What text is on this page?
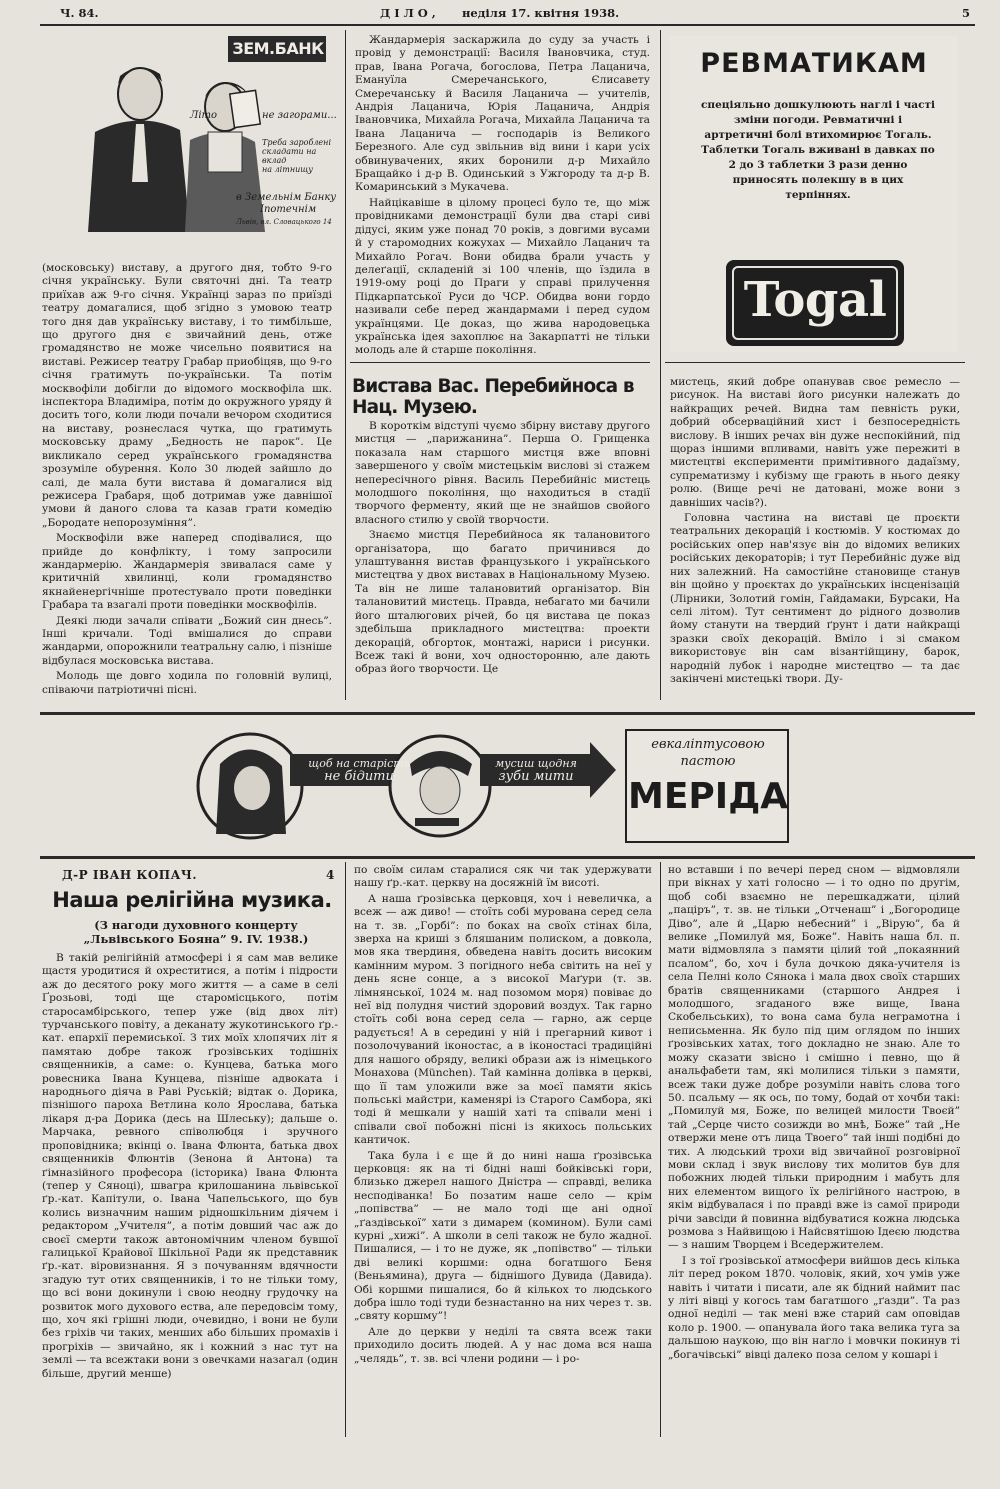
Ч. 84.	ДІЛО, неділя 17. квітня 1938.	5
ЗЕМ.БАНК
Літо	не загорами...
Треба зароблені
складати на вклад
на літнищу
в Земельнім Банку
Іпотечнім
Львів, вл. Словацького 14

(московську) виставу, а другого дня, тобто 9-го січня українську. Були святочні дні. Та театр приїхав аж 9-го січня. Українці зараз по приїзді театру домагалися, щоб згідно з умовою театр того дня дав українську виставу, і то тимбільше, що другого дня є звичайний день, отже громадянство не може чисельно появитися на виставі. Режисер театру Грабар приобіцяв, що 9-го січня гратимуть по-українськи. Та потім москвофіли добігли до відомого москвофіла шк. інспектора Владиміра, потім до окружного уряду й досить того, коли люди почали вечором сходитися на виставу, рознеслася чутка, що гратимуть московську драму „Бедность не парок”. Це викликало серед українського громадянства зрозуміле обурення. Коло 30 людей зайшло до салі, де мала бути вистава й домагалися від режисера Грабаря, щоб дотримав уже давнішої умови й даного слова та казав грати комедію „Бородате непорозуміння”.

Москвофіли вже наперед сподівалися, що прийде до конфлікту, і тому запросили жандармерію. Жандармерія звивалася саме у критичній хвилинці, коли громадянство якнайенергічніше протестувало проти поведінки Грабара та взагалі проти поведінки москвофілів.

Деякі люди зачали співати „Божий син днесь”. Інші кричали. Тоді вмішалися до справи жандарми, опорожнили театральну салю, і пізніше відбулася московська вистава.

Молодь ще довго ходила по головній вулиці, співаючи патріотичні пісні.

Жандармерія заскаржила до суду за участь і провід у демонстрації: Василя Івановчика, студ. прав, Івана Рогача, богослова, Петра Лацанича, Емануїла Смеречанського, Єлисавету Смеречанську й Василя Лацанича — учителів, Андрія Лацанича, Юрія Лацанича, Андрія Івановчика, Михайла Рогача, Михайла Лацанича та Івана Лацанича — господарів із Великого Березного. Але суд звільнив від вини і кари усіх обвинувачених, яких боронили д-р Михайло Бращайко і д-р В. Одинський з Ужгороду та д-р В. Комаринський з Мукачева.

Найцікавіше в цілому процесі було те, що між провідниками демонстрації були два старі сиві дідусі, яким уже понад 70 років, з довгими вусами й у старомодних кожухах — Михайло Лацанич та Михайло Рогач. Вони обидва брали участь у делеґації, складеній зі 100 членів, що їздила в 1919-ому році до Праги у справі прилучення Підкарпатської Руси до ЧСР. Обидва вони гордо називали себе перед жандармами і перед судом українцями. Це доказ, що жива народовецька українська ідея захоплює на Закарпатті не тільки молодь але й старше покоління.

РЕВМАТИКАМ
спеціяльно дошкулюють наглі і часті зміни погоди. Ревматичні і артретичні болі втихомирює Тогаль. Таблетки Тогаль вживані в давках по 2 до 3 таблетки 3 рази денно приносять полекшу в в цих терпіннях.
Togal
Вистава Вас. Перебийноса в Нац. Музею.

В короткім відступі чуємо збірну виставу другого мистця — „парижанина”. Перша О. Грищенка показала нам старшого мистця вже вповні завершеного у своїм мистецькім вислові зі стажем непересічного рівня. Василь Перебийніс мистець молодшого покоління, що находиться в стадії творчого ферменту, який ще не знайшов свойого власного стилю у своїй творчости.

Знаємо мистця Перебийноса як талановитого організатора, що багато причинився до улаштування вистав французького і українського мистецтва у двох виставах в Національному Музею. Та він не лише талановитий організатор. Він талановитий мистець. Правда, небагато ми бачили його шталюгових річей, бо ця вистава це показ здебільша прикладного мистецтва: проекти декорацій, обгорток, монтажі, нариси і рисунки. Всеж такі й вони, хоч односторонню, але дають образ його творчости. Це

мистець, який добре опанував своє ремесло — рисунок. На виставі його рисунки належать до найкращих речей. Видна там певність руки, добрий обсерваційний хист і безпосередність вислову. В інших речах він дуже неспокійний, під щораз іншими впливами, навіть уже пережиті в мистецтві експерименти примітивного дадаїзму, супрематизму і кубізму ще грають в нього деяку ролю. (Вище речі не датовані, може вони з давніших часів?).

Головна частина на виставі це проєкти театральних декорацій і костюмів. У костюмах до російських опер нав'язує він до відомих великих російських декораторів; і тут Перебийніс дуже від них залежний. На самостійне становище станув він щойно у проєктах до українських інсценізацій (Лірники, Золотий гомін, Гайдамаки, Бурсаки, На селі літом). Тут сентимент до рідного дозволив йому станути на твердий ґрунт і дати найкращі зразки своїх декорацій. Вміло і зі смаком використовує він сам візантійщину, барок, народній лубок і народне мистецтво — та дає закінчені мистецькі твори. Ду-

щоб на старість
не бідити
мусиш щодня
зуби мити
евкаліптусовою
пастою
МЕРІДА
Д-Р ІВАН КОПАЧ.	4
Наша релігійна музика.
(З нагоди духовного концерту „Львівського Бояна” 9. IV. 1938.)

В такій релігійній атмосфері і я сам мав велике щастя уродитися й охреститися, а потім і підрости аж до десятого року мого життя — а саме в селі Ґрозьові, тоді ще старомісцького, потім старосамбірського, тепер уже (від двох літ) турчанського повіту, а деканату жукотинського ґр.-кат. епархії перемиської. З тих моїх хлопячих літ я памятаю добре також ґрозівських тодішніх священників, а саме: о. Кунцева, батька мого ровесника Івана Кунцева, пізніше адвоката і народнього діяча в Раві Руській; відтак о. Дорика, пізнішого пароха Ветлина коло Ярослава, батька лікаря д-ра Дорика (десь на Шлеську); дальше о. Марчака, ревного співолюбця і зручного проповідника; вкінці о. Івана Флюнта, батька двох священників Флюнтів (Зенона й Антона) та ґімназійного професора (історика) Івана Флюнта (тепер у Сяноці), швагра крилошанина львівської ґр.-кат. Капітули, о. Івана Чапельського, що був колись визначним нашим рідношкільним діячем і редактором „Учителя”, а потім довший час аж до своєї смерти також автономічним членом бувшої галицької Крайової Шкільної Ради як представник ґр.-кат. віровизнання. Я з почуванням вдячности згадую тут отих священників, і то не тільки тому, що всі вони докинули і свою неодну грудочку на розвиток мого духового ества, але передовсім тому, що, хоч які грішні люди, очевидно, і вони не були без гріхів чи таких, менших або більших промахів і прогріхів — звичайно, як і кожний з нас тут на землі — та всежтаки вони з овечками назагал (один більше, другий менше)

по своїм силам старалися сяк чи так удержувати нашу ґр.-кат. церкву на досяжній їм висоті.

А наша ґрозівська церковця, хоч і невеличка, а всеж — аж диво! — стоїть собі мурована серед села на т. зв. „Горбі”: по боках на своїх стінах біла, зверха на криші з бляшаним полиском, а довкола, мов яка твердиня, обведена навіть досить високим камінним муром. З погідного неба світить на неї у день ясне сонце, а з високої Маґури (т. зв. лімнянської, 1024 м. над позомом моря) повіває до неї від полудня чистий здоровий воздух. Так гарно стоїть собі вона серед села — гарно, аж серце радується! А в середині у ній і прегарний кивот і позолочуваний іконостас, а в іконостасі традиційні для нашого обряду, великі образи аж із німецького Монахова (München). Тай камінна долівка в церкві, що її там уложили вже за моєї памяти якісь польські майстри, каменярі із Старого Самбора, які тоді й мешкали у нашій хаті та співали мені і співали свої побожні пісні із якихось польських кантичок.

Така була і є ще й до нині наша ґрозівська церковця: як на ті бідні наші бойківські гори, близько джерел нашого Дністра — справді, велика несподіванка! Бо позатим наше село — крім „попівства” — не мало тоді ще ані одної „ґаздівської” хати з димарем (комином). Були самі курні „хижі”. А школи в селі також не було жадної. Пишалися, — і то не дуже, як „попівство” — тільки дві великі коршми: одна богатшого Беня (Веньямина), друга — біднішого Дувида (Давида). Обі коршми пишалися, бо й кількох то людського добра ішло тоді туди безнастанно на них через т. зв. „святу коршму”!

Але до церкви у неділі та свята всеж таки приходило досить людей. А у нас дома вся наша „челядь”, т. зв. всі члени родини — і ро-

но вставши і по вечері перед сном — відмовляли при вікнах у хаті голосно — і то одно по другім, щоб собі взаємно не перешкаджати, цілий „паціръ”, т. зв. не тільки „Отченаш” і „Богородице Діво”, але й „Царю небесний” і „Вірую”, ба й велике „Помилуй мя, Боже”. Навіть наша бл. п. мати відмовляла з памяти цілий той „покаянний псалом”, бо, хоч і була дочкою дяка-учителя із села Пелні коло Сянока і мала двох своїх старших братів священниками (старшого Андрея і молодшого, згаданого вже вище, Івана Скобельських), то вона сама була неграмотна і неписьменна. Як було під цим оглядом по інших ґрозівських хатах, того докладно не знаю. Але то можу сказати звісно і смішно і певно, що й анальфабети там, які молилися тільки з памяти, всеж таки дуже добре розуміли навіть слова того 50. псальму — як ось, по тому, бодай от хочби такі: „Помилуй мя, Боже, по велицей милости Твоєй” тай „Серце чисто созижди во мнѣ, Боже” тай „Не отвержи мене отъ лица Твоего” тай інші подібні до тих. А людський трохи від звичайної розговірної мови склад і звук вислову тих молитов був для побожних людей тільки природним і мабуть для них елементом вищого їх релігійного настрою, в якім відбувалася і по правді вже із самої природи річи завсіди й повинна відбуватися кожна людська розмова з Найвищою і Найсвятішою Ідеєю людства — з нашим Творцем і Вседержителем.

І з тої ґрозівської атмосфери вийшов десь кілька літ перед роком 1870. чоловік, який, хоч умів уже навіть і читати і писати, але як бідний наймит пас у літі вівці у когось там багатшого „ґазди”. Та раз одної неділі — так мені вже старий сам оповідав коло р. 1900. — опанувала його така велика туга за дальшою наукою, що він нагло і мовчки покинув ті „богачівські” вівці далеко поза селом у кошарі і
